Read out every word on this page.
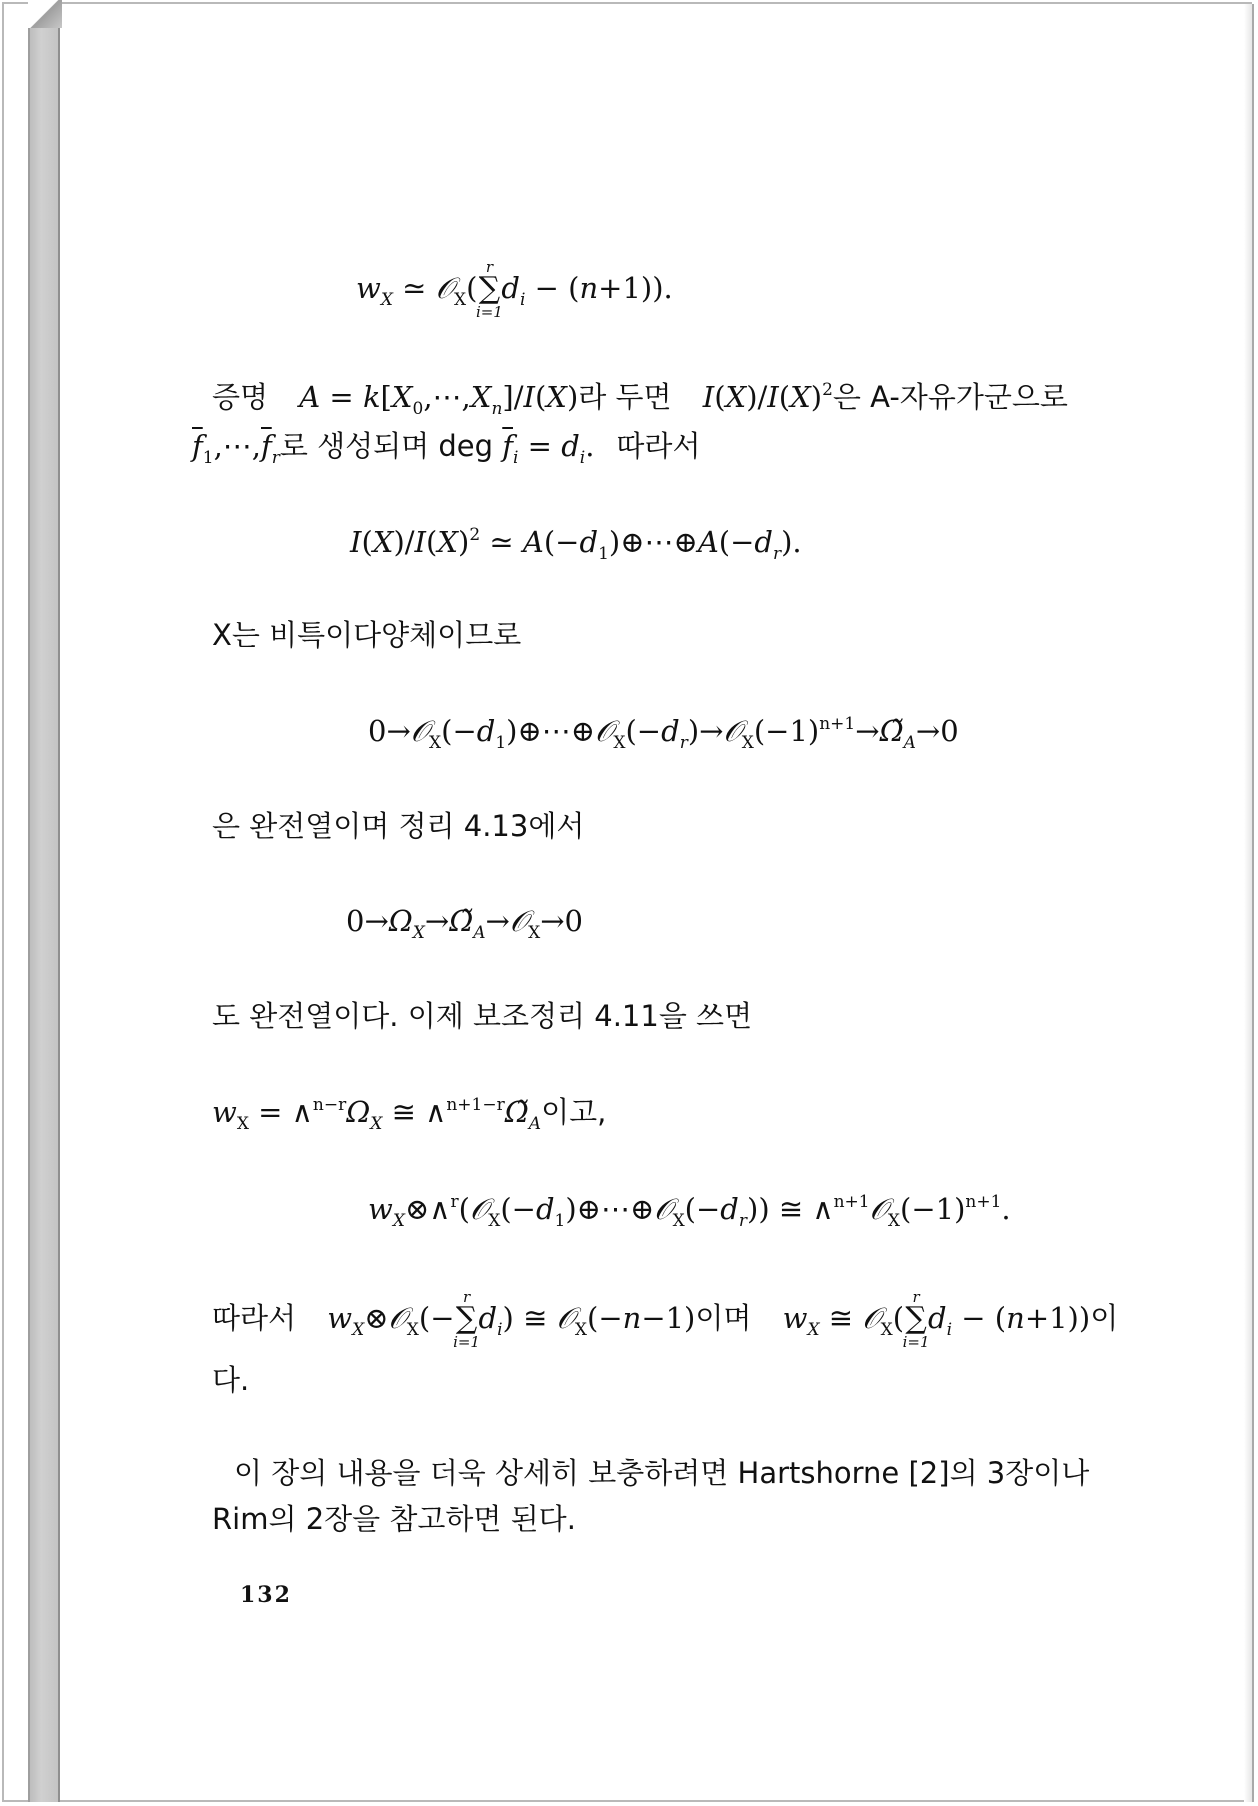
$w_X$ ≃ 𝒪$_X$(
r
∑
i=1
$d_i - (n+1)$).
증명 $A = k[X_0,\cdots,X_n]/I(X)$라 두면 $I(X)/I(X)^2$은 A-자유가군으로
$\overline{f}_1,\cdots,\overline{f}_r$로 생성되며 deg $\overline{f}_i = d_i$. 따라서
$I(X)/I(X)^2$ ≃ $A(-d_1)\oplus\cdots\oplus A(-d_r)$.
X는 비특이다양체이므로
$0\to 𝒪_X(-d_1)\oplus\cdots\oplus 𝒪_X(-d_r)\to 𝒪_X(-1)^{n+1}\to\Omegã_A\to 0$
은 완전열이며 정리 4.13에서
$0\to\Omega_X\to\Omegã_A\to 𝒪_X\to 0$
도 완전열이다. 이제 보조정리 4.11을 쓰면
$w_X$ = $\wedge^{n-r}\Omega_X$ ≅ $\wedge^{n+1-r}\Omegã_A$이고,
$w_X\otimes\wedge^r(𝒪_X(-d_1)\oplus\cdots\oplus 𝒪_X(-d_r))$ ≅ $\wedge^{n+1}𝒪_X(-1)^{n+1}$.
따라서 $w_X\otimes 𝒪_X(-$
r
∑
i=1
$d_i$) ≅ 𝒪$_X$(−n−1)이며 $w_X$ ≅ 𝒪$_X$(
r
∑
i=1
$d_i - (n+1)$)이
다.
이 장의 내용을 더욱 상세히 보충하려면 Hartshorne [2]의 3장이나
Rim의 2장을 참고하면 된다.
132
